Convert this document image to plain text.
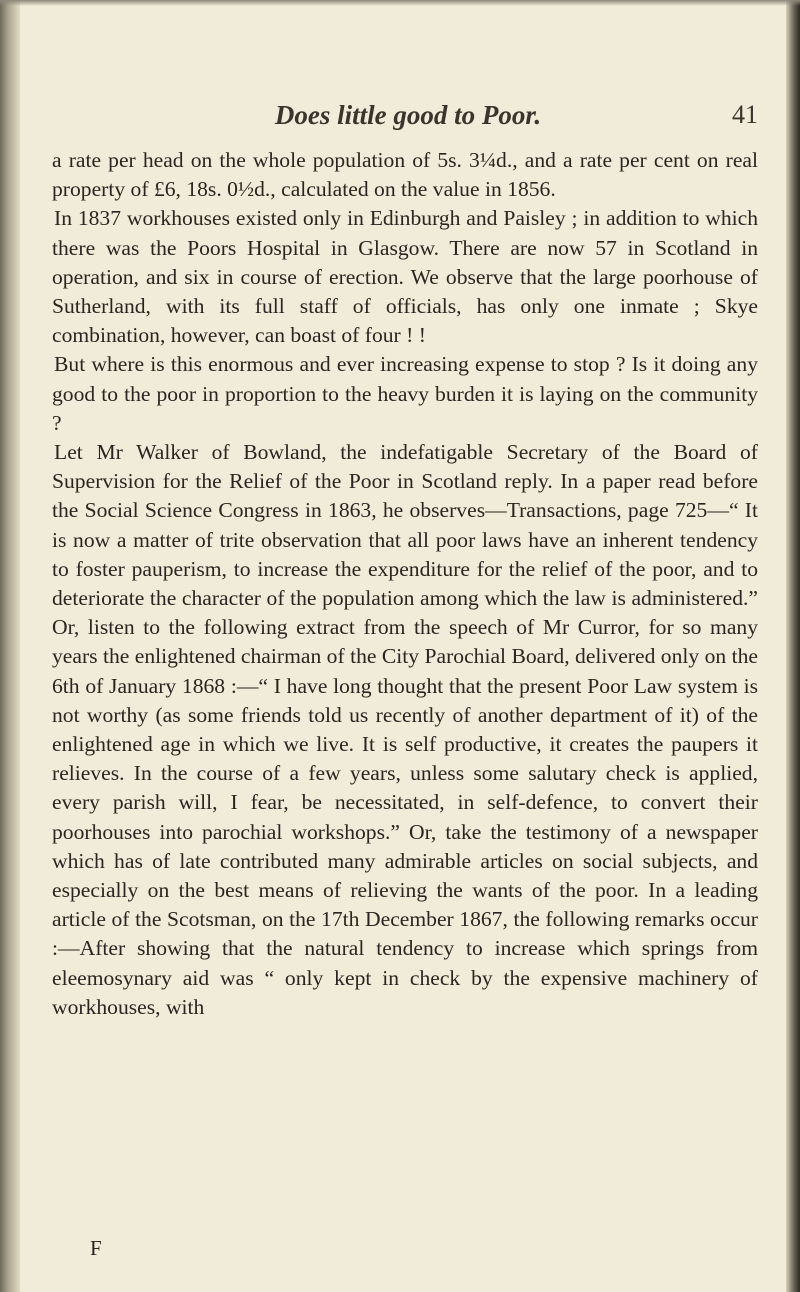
Does little good to Poor.	41

a rate per head on the whole population of 5s. 3¼d., and a rate per cent on real property of £6, 18s. 0½d., calculated on the value in 1856.

In 1837 workhouses existed only in Edinburgh and Paisley ; in addition to which there was the Poors Hospital in Glasgow. There are now 57 in Scotland in operation, and six in course of erection. We observe that the large poorhouse of Sutherland, with its full staff of officials, has only one inmate ; Skye combination, however, can boast of four ! !

But where is this enormous and ever increasing expense to stop ? Is it doing any good to the poor in proportion to the heavy burden it is laying on the community ?

Let Mr Walker of Bowland, the indefatigable Secretary of the Board of Supervision for the Relief of the Poor in Scotland reply. In a paper read before the Social Science Congress in 1863, he observes—Transactions, page 725—“ It is now a matter of trite observation that all poor laws have an inherent tendency to foster pauperism, to increase the expenditure for the relief of the poor, and to deteriorate the character of the population among which the law is administered.” Or, listen to the following extract from the speech of Mr Curror, for so many years the enlightened chairman of the City Parochial Board, delivered only on the 6th of January 1868 :—“ I have long thought that the present Poor Law system is not worthy (as some friends told us recently of another department of it) of the enlightened age in which we live. It is self productive, it creates the paupers it relieves. In the course of a few years, unless some salutary check is applied, every parish will, I fear, be necessitated, in self-defence, to convert their poorhouses into parochial workshops.” Or, take the testimony of a newspaper which has of late contributed many admirable articles on social subjects, and especially on the best means of relieving the wants of the poor. In a leading article of the Scotsman, on the 17th December 1867, the following remarks occur :—After showing that the natural tendency to increase which springs from eleemosynary aid was “ only kept in check by the expensive machinery of workhouses, with

F
